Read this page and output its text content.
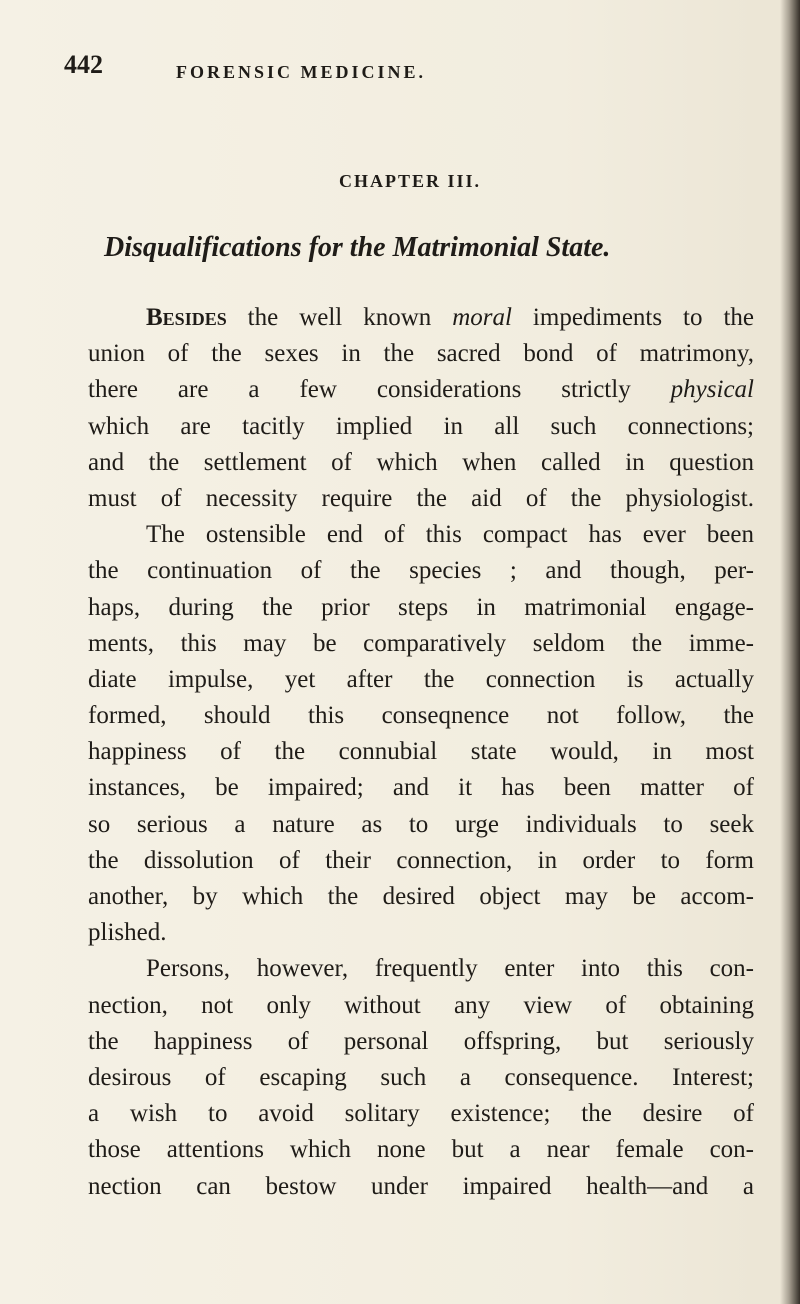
442	FORENSIC MEDICINE.
CHAPTER III.
Disqualifications for the Matrimonial State.
Besides the well known moral impediments to the
union of the sexes in the sacred bond of matrimony,
there are a few considerations strictly physical
which are tacitly implied in all such connections;
and the settlement of which when called in question
must of necessity require the aid of the physiologist.
The ostensible end of this compact has ever been
the continuation of the species ; and though, per-
haps, during the prior steps in matrimonial engage-
ments, this may be comparatively seldom the imme-
diate impulse, yet after the connection is actually
formed, should this conseqnence not follow, the
happiness of the connubial state would, in most
instances, be impaired; and it has been matter of
so serious a nature as to urge individuals to seek
the dissolution of their connection, in order to form
another, by which the desired object may be accom-
plished.
Persons, however, frequently enter into this con-
nection, not only without any view of obtaining
the happiness of personal offspring, but seriously
desirous of escaping such a consequence. Interest;
a wish to avoid solitary existence; the desire of
those attentions which none but a near female con-
nection can bestow under impaired health—and a
